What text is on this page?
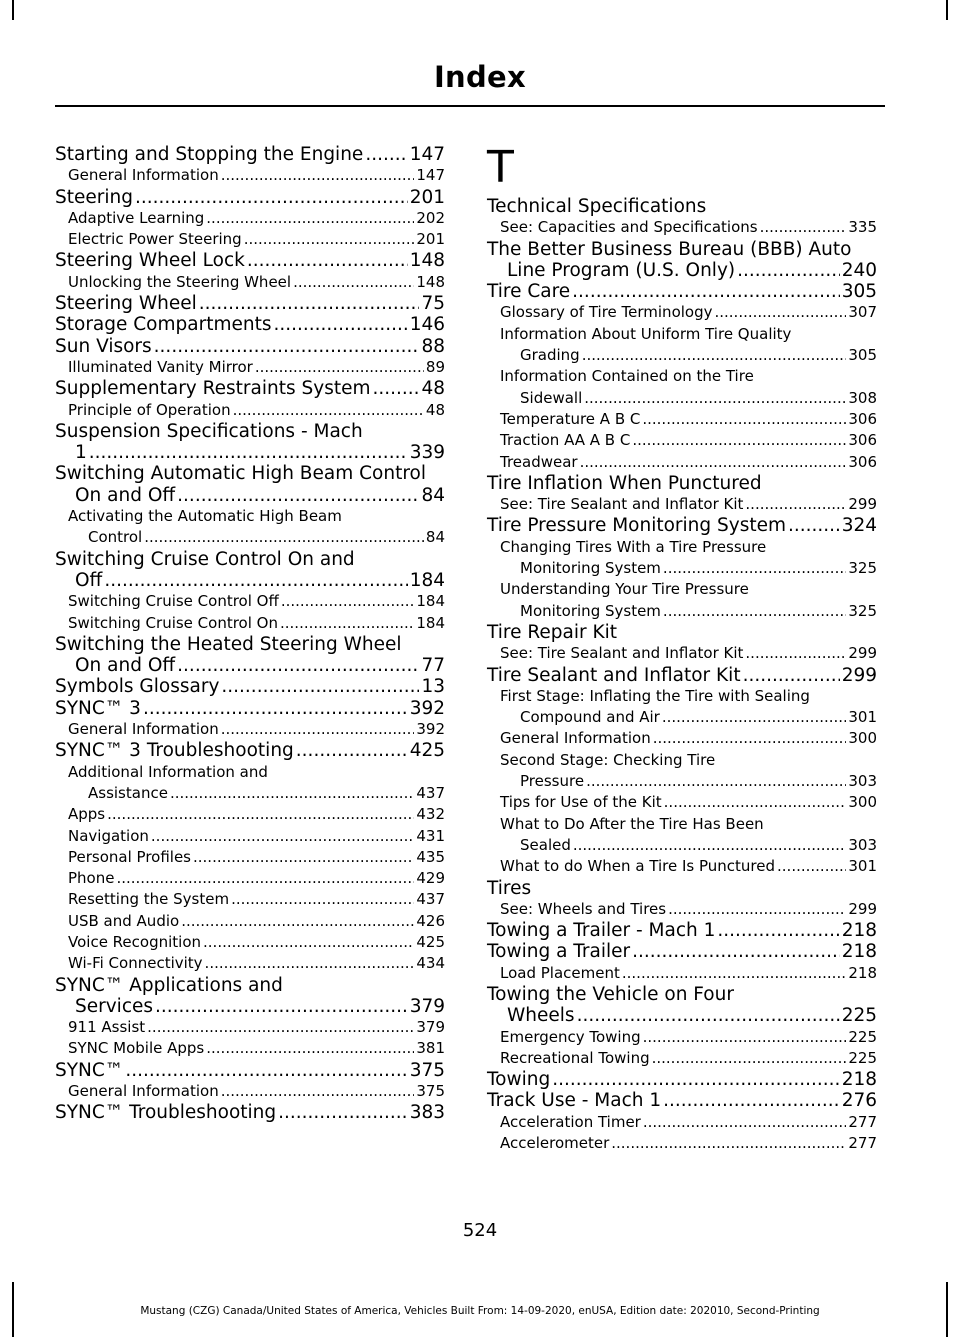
Index
Starting and Stopping the Engine .....	147
General Information .....	147
Steering .....	201
Adaptive Learning .....	202
Electric Power Steering .....	201
Steering Wheel Lock .....	148
Unlocking the Steering Wheel .....	148
Steering Wheel .....	75
Storage Compartments .....	146
Sun Visors .....	88
Illuminated Vanity Mirror .....	89
Supplementary Restraints System .....	48
Principle of Operation .....	48
Suspension Specifications - Mach
1 .....	339
Switching Automatic High Beam Control
On and Off .....	84
Activating the Automatic High Beam
Control .....	84
Switching Cruise Control On and
Off .....	184
Switching Cruise Control Off .....	184
Switching Cruise Control On .....	184
Switching the Heated Steering Wheel
On and Off .....	77
Symbols Glossary .....	13
SYNC™ 3 .....	392
General Information .....	392
SYNC™ 3 Troubleshooting .....	425
Additional Information and
Assistance .....	437
Apps .....	432
Navigation .....	431
Personal Profiles .....	435
Phone .....	429
Resetting the System .....	437
USB and Audio .....	426
Voice Recognition .....	425
Wi-Fi Connectivity .....	434
SYNC™ Applications and
Services .....	379
911 Assist .....	379
SYNC Mobile Apps .....	381
SYNC™ .....	375
General Information .....	375
SYNC™ Troubleshooting .....	383
T
Technical Specifications
See: Capacities and Specifications .....	335
The Better Business Bureau (BBB) Auto
Line Program (U.S. Only) .....	240
Tire Care .....	305
Glossary of Tire Terminology .....	307
Information About Uniform Tire Quality
Grading .....	305
Information Contained on the Tire
Sidewall .....	308
Temperature A B C .....	306
Traction AA A B C .....	306
Treadwear .....	306
Tire Inflation When Punctured
See: Tire Sealant and Inflator Kit .....	299
Tire Pressure Monitoring System .....	324
Changing Tires With a Tire Pressure
Monitoring System .....	325
Understanding Your Tire Pressure
Monitoring System .....	325
Tire Repair Kit
See: Tire Sealant and Inflator Kit .....	299
Tire Sealant and Inflator Kit .....	299
First Stage: Inflating the Tire with Sealing
Compound and Air .....	301
General Information .....	300
Second Stage: Checking Tire
Pressure .....	303
Tips for Use of the Kit .....	300
What to Do After the Tire Has Been
Sealed .....	303
What to do When a Tire Is Punctured .....	301
Tires
See: Wheels and Tires .....	299
Towing a Trailer - Mach 1 .....	218
Towing a Trailer .....	218
Load Placement .....	218
Towing the Vehicle on Four
Wheels .....	225
Emergency Towing .....	225
Recreational Towing .....	225
Towing .....	218
Track Use - Mach 1 .....	276
Acceleration Timer .....	277
Accelerometer .....	277
524
Mustang (CZG) Canada/United States of America, Vehicles Built From: 14-09-2020, enUSA, Edition date: 202010, Second-Printing
